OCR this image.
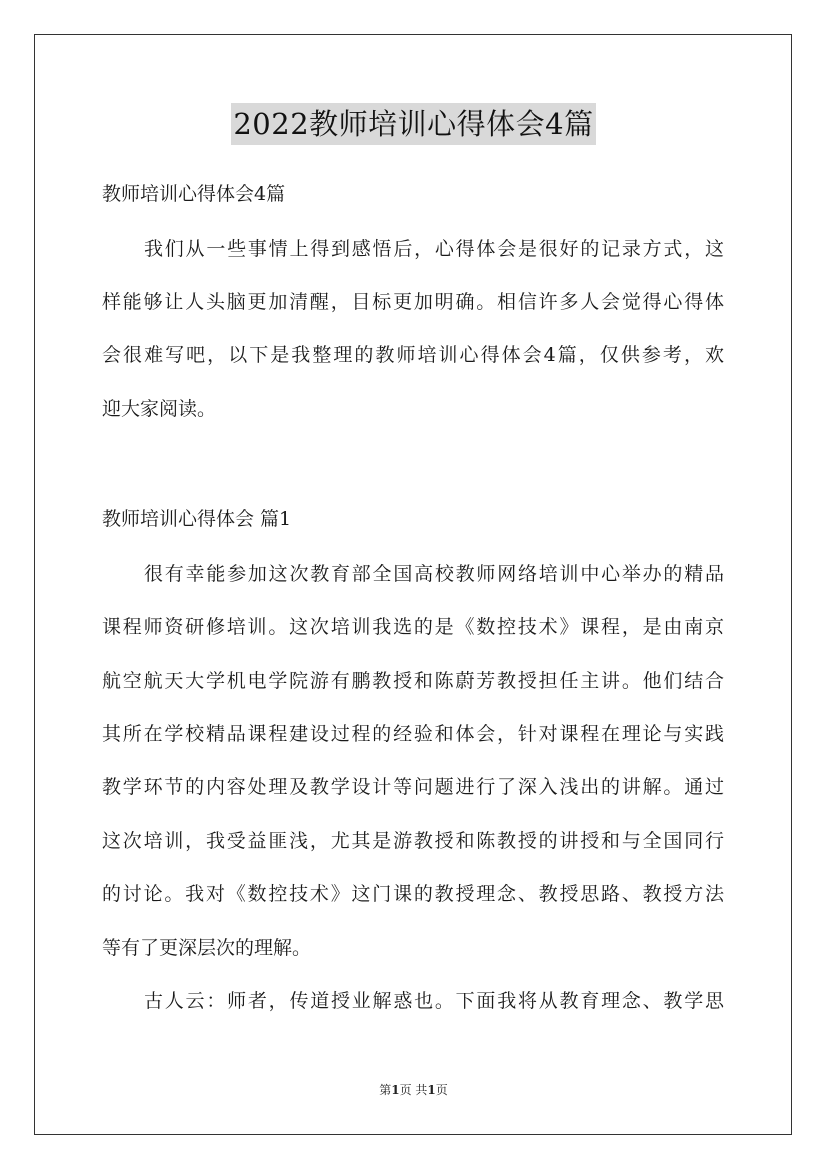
2022教师培训心得体会4篇
教师培训心得体会4篇
我们从一些事情上得到感悟后，心得体会是很好的记录方式，这
样能够让人头脑更加清醒，目标更加明确。相信许多人会觉得心得体
会很难写吧，以下是我整理的教师培训心得体会4篇，仅供参考，欢
迎大家阅读。
教师培训心得体会 篇1
很有幸能参加这次教育部全国高校教师网络培训中心举办的精品
课程师资研修培训。这次培训我选的是《数控技术》课程，是由南京
航空航天大学机电学院游有鹏教授和陈蔚芳教授担任主讲。他们结合
其所在学校精品课程建设过程的经验和体会，针对课程在理论与实践
教学环节的内容处理及教学设计等问题进行了深入浅出的讲解。通过
这次培训，我受益匪浅，尤其是游教授和陈教授的讲授和与全国同行
的讨论。我对《数控技术》这门课的教授理念、教授思路、教授方法
等有了更深层次的理解。
古人云：师者，传道授业解惑也。下面我将从教育理念、教学思
第1页 共1页
